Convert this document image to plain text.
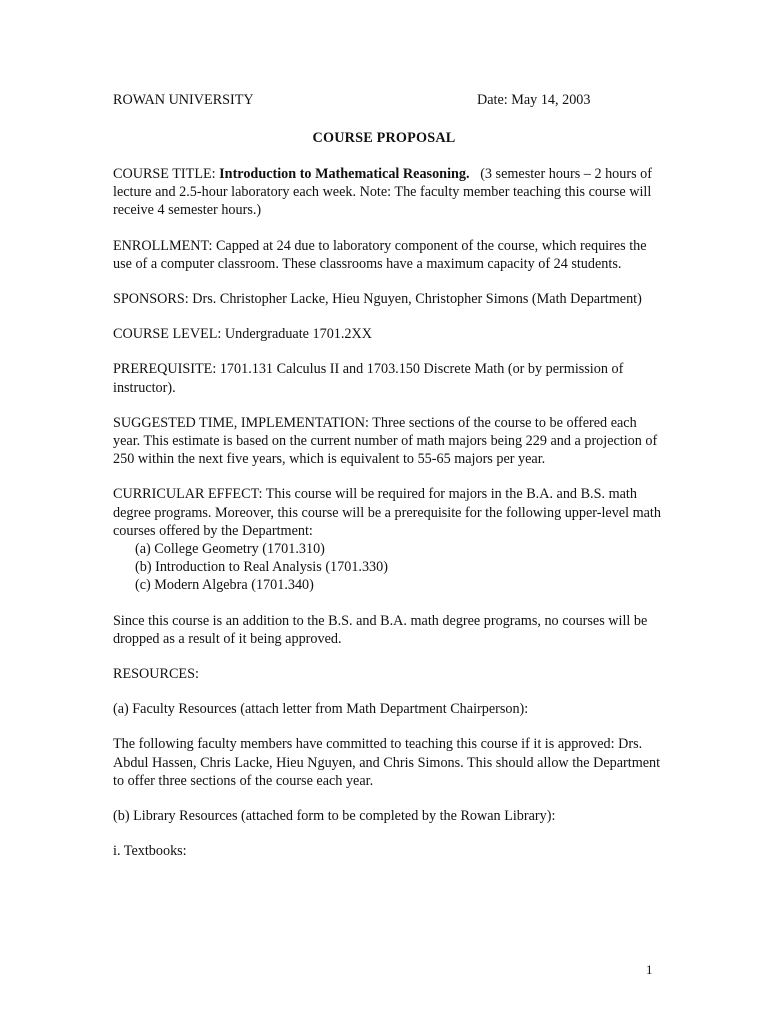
ROWAN UNIVERSITY	Date: May 14, 2003
COURSE PROPOSAL

COURSE TITLE: Introduction to Mathematical Reasoning. (3 semester hours – 2 hours of lecture and 2.5-hour laboratory each week. Note: The faculty member teaching this course will receive 4 semester hours.)

ENROLLMENT: Capped at 24 due to laboratory component of the course, which requires the use of a computer classroom. These classrooms have a maximum capacity of 24 students.

SPONSORS: Drs. Christopher Lacke, Hieu Nguyen, Christopher Simons (Math Department)

COURSE LEVEL: Undergraduate 1701.2XX

PREREQUISITE: 1701.131 Calculus II and 1703.150 Discrete Math (or by permission of instructor).

SUGGESTED TIME, IMPLEMENTATION: Three sections of the course to be offered each year. This estimate is based on the current number of math majors being 229 and a projection of 250 within the next five years, which is equivalent to 55-65 majors per year.

CURRICULAR EFFECT: This course will be required for majors in the B.A. and B.S. math degree programs. Moreover, this course will be a prerequisite for the following upper-level math courses offered by the Department:

(a) College Geometry (1701.310)
(b) Introduction to Real Analysis (1701.330)
(c) Modern Algebra (1701.340)

Since this course is an addition to the B.S. and B.A. math degree programs, no courses will be dropped as a result of it being approved.

RESOURCES:

(a) Faculty Resources (attach letter from Math Department Chairperson):

The following faculty members have committed to teaching this course if it is approved: Drs. Abdul Hassen, Chris Lacke, Hieu Nguyen, and Chris Simons. This should allow the Department to offer three sections of the course each year.

(b) Library Resources (attached form to be completed by the Rowan Library):

i. Textbooks:

1
